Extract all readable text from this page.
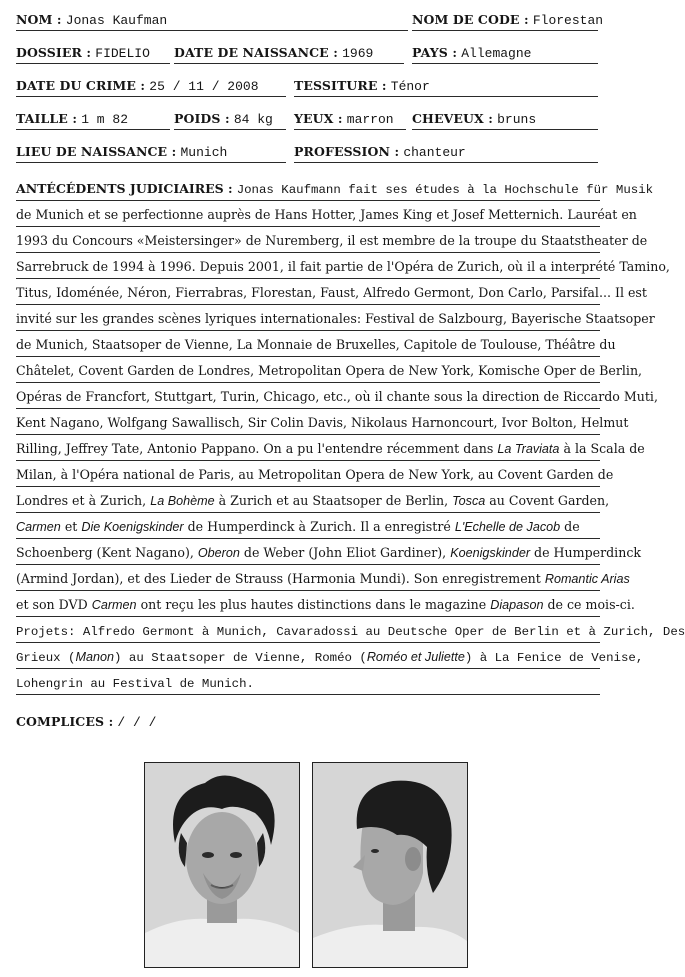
NOM : Jonas Kaufman	NOM DE CODE : Florestan
DOSSIER : FIDELIO	DATE DE NAISSANCE : 1969	PAYS : Allemagne
DATE DU CRIME : 25 / 11 / 2008	TESSITURE : Ténor
TAILLE : 1 m 82	POIDS : 84 kg	YEUX : marron	CHEVEUX : bruns
LIEU DE NAISSANCE : Munich	PROFESSION : chanteur
ANTÉCÉDENTS JUDICIAIRES : Jonas Kaufmann fait ses études à la Hochschule für Musik
de Munich et se perfectionne auprès de Hans Hotter, James King et Josef Metternich. Lauréat en
1993 du Concours «Meistersinger» de Nuremberg, il est membre de la troupe du Staatstheater de
Sarrebruck de 1994 à 1996. Depuis 2001, il fait partie de l'Opéra de Zurich, où il a interprété Tamino,
Titus, Idoménée, Néron, Fierrabras, Florestan, Faust, Alfredo Germont, Don Carlo, Parsifal... Il est
invité sur les grandes scènes lyriques internationales: Festival de Salzbourg, Bayerische Staatsoper
de Munich, Staatsoper de Vienne, La Monnaie de Bruxelles, Capitole de Toulouse, Théâtre du
Châtelet, Covent Garden de Londres, Metropolitan Opera de New York, Komische Oper de Berlin,
Opéras de Francfort, Stuttgart, Turin, Chicago, etc., où il chante sous la direction de Riccardo Muti,
Kent Nagano, Wolfgang Sawallisch, Sir Colin Davis, Nikolaus Harnoncourt, Ivor Bolton, Helmut
Rilling, Jeffrey Tate, Antonio Pappano. On a pu l'entendre récemment dans La Traviata à la Scala de
Milan, à l'Opéra national de Paris, au Metropolitan Opera de New York, au Covent Garden de
Londres et à Zurich, La Bohème à Zurich et au Staatsoper de Berlin, Tosca au Covent Garden,
Carmen et Die Koenigskinder de Humperdinck à Zurich. Il a enregistré L'Echelle de Jacob de
Schoenberg (Kent Nagano), Oberon de Weber (John Eliot Gardiner), Koenigskinder de Humperdinck
(Armind Jordan), et des Lieder de Strauss (Harmonia Mundi). Son enregistrement Romantic Arias
et son DVD Carmen ont reçu les plus hautes distinctions dans le magazine Diapason de ce mois-ci.
Projets: Alfredo Germont à Munich, Cavaradossi au Deutsche Oper de Berlin et à Zurich, Des
Grieux (Manon) au Staatsoper de Vienne, Roméo (Roméo et Juliette) à La Fenice de Venise,
Lohengrin au Festival de Munich.
COMPLICES : / / /
